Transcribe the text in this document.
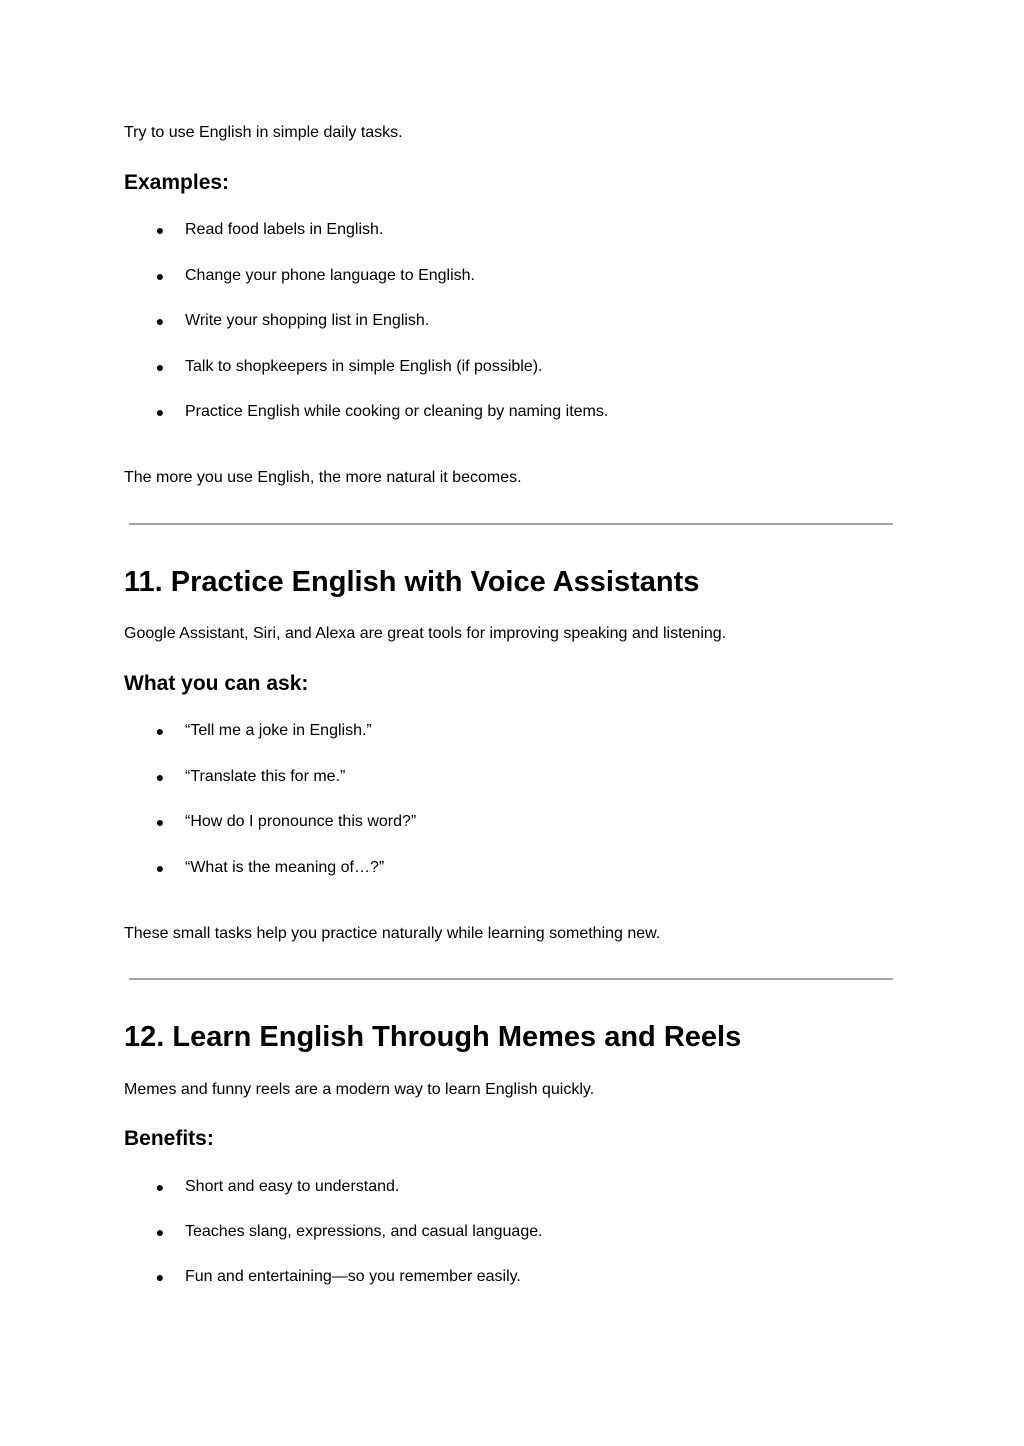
Try to use English in simple daily tasks.

Examples:
●	Read food labels in English.
●	Change your phone language to English.
●	Write your shopping list in English.
●	Talk to shopkeepers in simple English (if possible).
●	Practice English while cooking or cleaning by naming items.

The more you use English, the more natural it becomes.

11. Practice English with Voice Assistants

Google Assistant, Siri, and Alexa are great tools for improving speaking and listening.

What you can ask:
●	“Tell me a joke in English.”
●	“Translate this for me.”
●	“How do I pronounce this word?”
●	“What is the meaning of…?”

These small tasks help you practice naturally while learning something new.

12. Learn English Through Memes and Reels

Memes and funny reels are a modern way to learn English quickly.

Benefits:
●	Short and easy to understand.
●	Teaches slang, expressions, and casual language.
●	Fun and entertaining—so you remember easily.
